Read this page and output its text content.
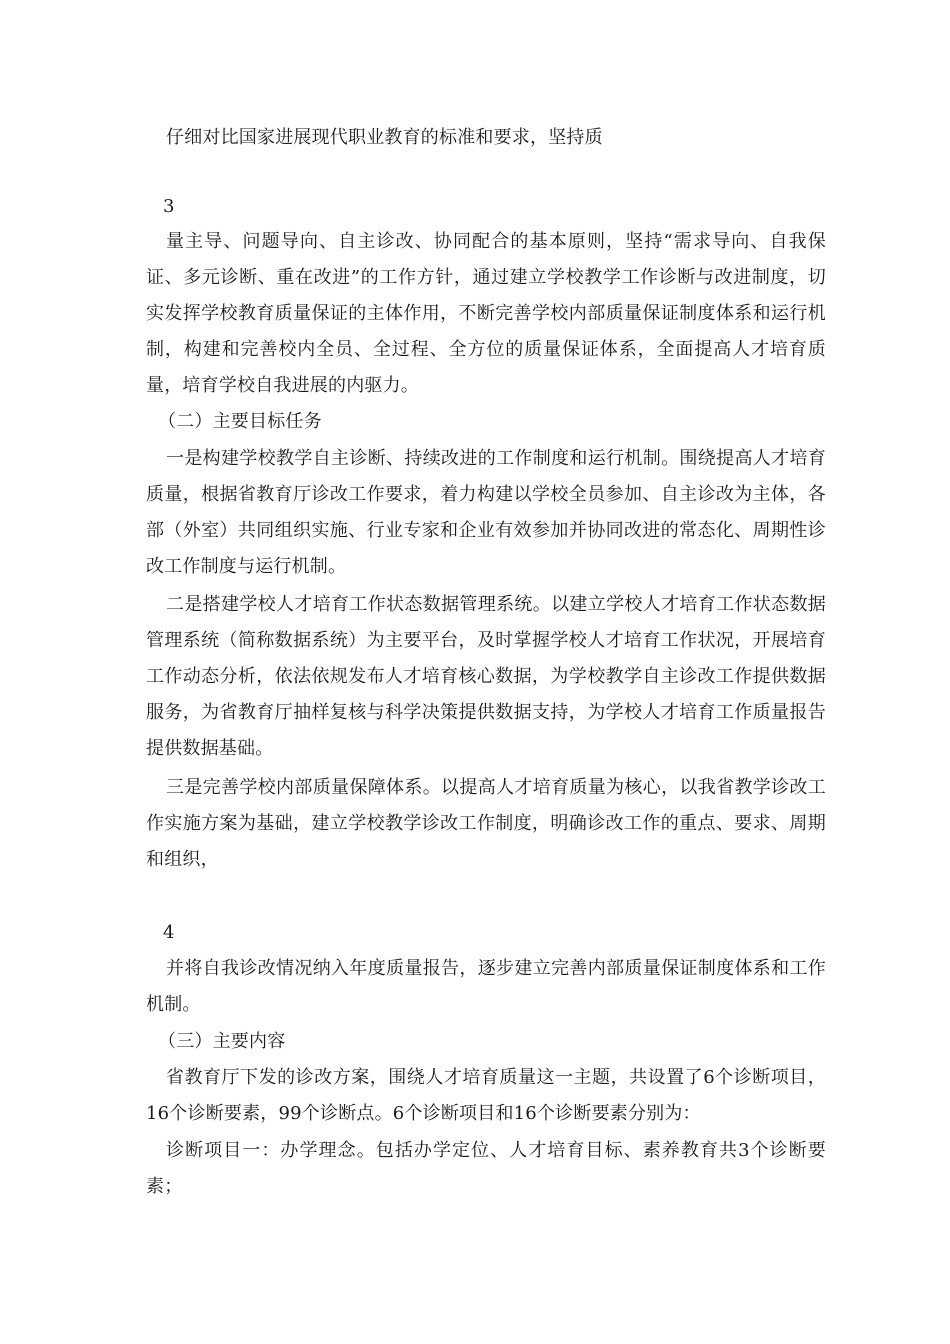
仔细对比国家进展现代职业教育的标准和要求，坚持质
3
量主导、问题导向、自主诊改、协同配合的基本原则，坚持“需求导向、自我保证、多元诊断、重在改进”的工作方针，通过建立学校教学工作诊断与改进制度，切实发挥学校教育质量保证的主体作用，不断完善学校内部质量保证制度体系和运行机制，构建和完善校内全员、全过程、全方位的质量保证体系，全面提高人才培育质量，培育学校自我进展的内驱力。
（二）主要目标任务
一是构建学校教学自主诊断、持续改进的工作制度和运行机制。围绕提高人才培育质量，根据省教育厅诊改工作要求，着力构建以学校全员参加、自主诊改为主体，各部（外室）共同组织实施、行业专家和企业有效参加并协同改进的常态化、周期性诊改工作制度与运行机制。
二是搭建学校人才培育工作状态数据管理系统。以建立学校人才培育工作状态数据管理系统（简称数据系统）为主要平台，及时掌握学校人才培育工作状况，开展培育工作动态分析，依法依规发布人才培育核心数据，为学校教学自主诊改工作提供数据服务，为省教育厅抽样复核与科学决策提供数据支持，为学校人才培育工作质量报告提供数据基础。
三是完善学校内部质量保障体系。以提高人才培育质量为核心，以我省教学诊改工作实施方案为基础，建立学校教学诊改工作制度，明确诊改工作的重点、要求、周期和组织，
4
并将自我诊改情况纳入年度质量报告，逐步建立完善内部质量保证制度体系和工作机制。
（三）主要内容
省教育厅下发的诊改方案，围绕人才培育质量这一主题，共设置了6个诊断项目，16个诊断要素，99个诊断点。6个诊断项目和16个诊断要素分别为：
诊断项目一：办学理念。包括办学定位、人才培育目标、素养教育共3个诊断要素；
